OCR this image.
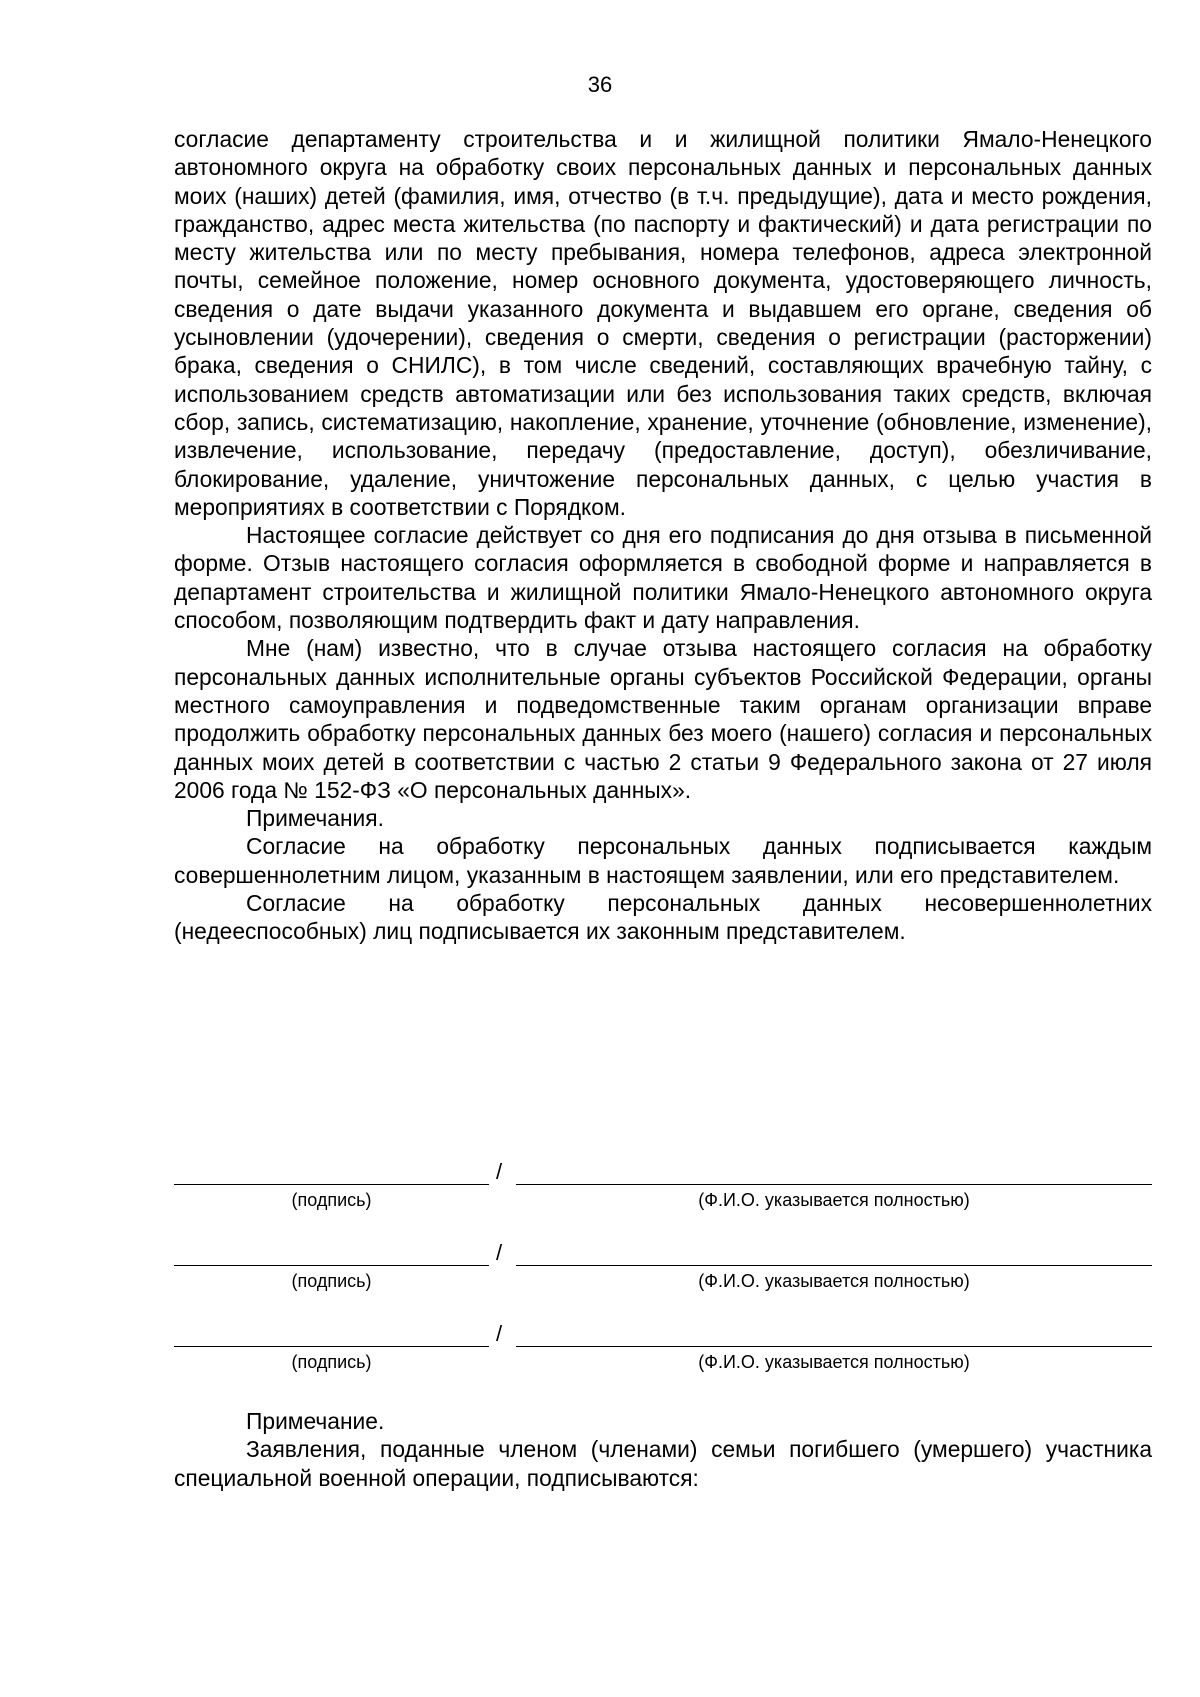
36

согласие департаменту строительства и и жилищной политики Ямало-Ненецкого автономного округа на обработку своих персональных данных и персональных данных моих (наших) детей (фамилия, имя, отчество (в т.ч. предыдущие), дата и место рождения, гражданство, адрес места жительства (по паспорту и фактический) и дата регистрации по месту жительства или по месту пребывания, номера телефонов, адреса электронной почты, семейное положение, номер основного документа, удостоверяющего личность, сведения о дате выдачи указанного документа и выдавшем его органе, сведения об усыновлении (удочерении), сведения о смерти, сведения о регистрации (расторжении) брака, сведения о СНИЛС), в том числе сведений, составляющих врачебную тайну, с использованием средств автоматизации или без использования таких средств, включая сбор, запись, систематизацию, накопление, хранение, уточнение (обновление, изменение), извлечение, использование, передачу (предоставление, доступ), обезличивание, блокирование, удаление, уничтожение персональных данных, с целью участия в мероприятиях в соответствии с Порядком.

Настоящее согласие действует со дня его подписания до дня отзыва в письменной форме. Отзыв настоящего согласия оформляется в свободной форме и направляется в департамент строительства и жилищной политики Ямало-Ненецкого автономного округа способом, позволяющим подтвердить факт и дату направления.

Мне (нам) известно, что в случае отзыва настоящего согласия на обработку персональных данных исполнительные органы субъектов Российской Федерации, органы местного самоуправления и подведомственные таким органам организации вправе продолжить обработку персональных данных без моего (нашего) согласия и персональных данных моих детей в соответствии с частью 2 статьи 9 Федерального закона от 27 июля 2006 года № 152-ФЗ «О персональных данных».

Примечания.

Согласие на обработку персональных данных подписывается каждым совершеннолетним лицом, указанным в настоящем заявлении, или его представителем.

Согласие на обработку персональных данных несовершеннолетних (недееспособных) лиц подписывается их законным представителем.

/
(подпись)	(Ф.И.О. указывается полностью)
/
(подпись)	(Ф.И.О. указывается полностью)
/
(подпись)	(Ф.И.О. указывается полностью)

Примечание.

Заявления, поданные членом (членами) семьи погибшего (умершего) участника специальной военной операции, подписываются:
